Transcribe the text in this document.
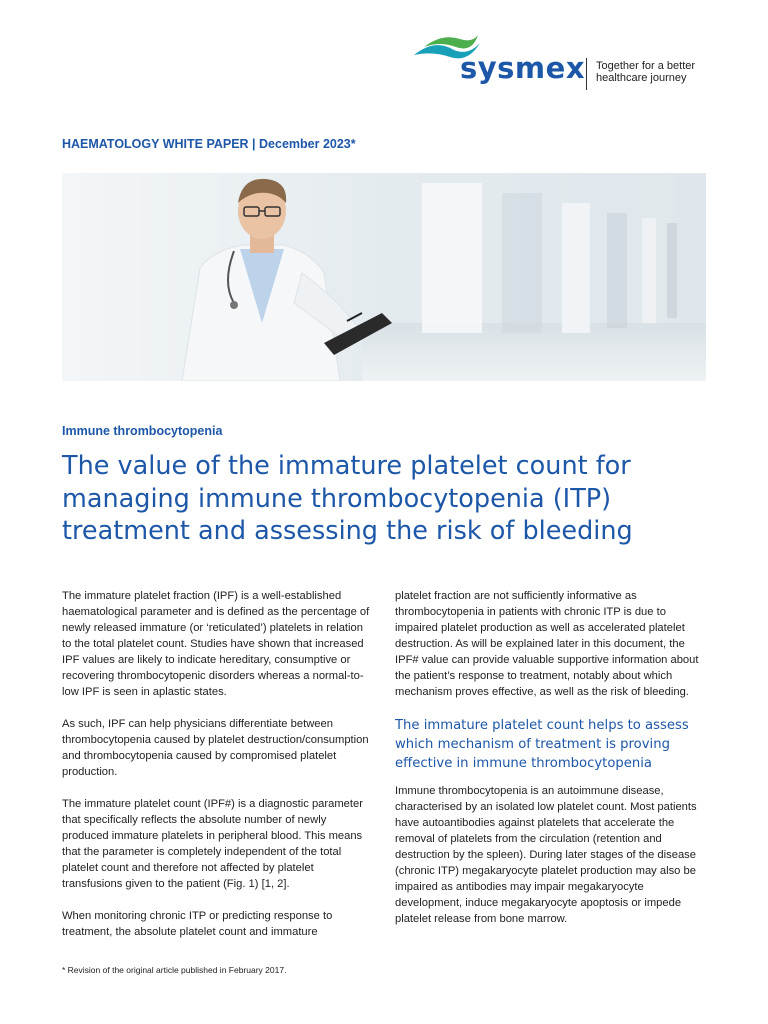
sysmex Together for a better
healthcare journey
HAEMATOLOGY WHITE PAPER | December 2023*
Immune thrombocytopenia
The value of the immature platelet count for
managing immune thrombocytopenia (ITP)
treatment and assessing the risk of bleeding

The immature platelet fraction (IPF) is a well-established haematological parameter and is defined as the percentage of newly released immature (or ‘reticulated’) platelets in relation to the total platelet count. Studies have shown that increased IPF values are likely to indicate hereditary, consumptive or recovering thrombocytopenic disorders whereas a normal-to-low IPF is seen in aplastic states.

As such, IPF can help physicians differentiate between thrombocytopenia caused by platelet destruction/consumption and thrombocytopenia caused by compromised platelet production.

The immature platelet count (IPF#) is a diagnostic parameter that specifically reflects the absolute number of newly produced immature platelets in peripheral blood. This means that the parameter is completely independent of the total platelet count and therefore not affected by platelet transfusions given to the patient (Fig. 1) [1, 2].

When monitoring chronic ITP or predicting response to treatment, the absolute platelet count and immature

platelet fraction are not sufficiently informative as thrombocytopenia in patients with chronic ITP is due to impaired platelet production as well as accelerated platelet destruction. As will be explained later in this document, the IPF# value can provide valuable supportive information about the patient’s response to treatment, notably about which mechanism proves effective, as well as the risk of bleeding.

The immature platelet count helps to assess which mechanism of treatment is proving effective in immune thrombocytopenia

Immune thrombocytopenia is an autoimmune disease, characterised by an isolated low platelet count. Most patients have autoantibodies against platelets that accelerate the removal of platelets from the circulation (retention and destruction by the spleen). During later stages of the disease (chronic ITP) megakaryocyte platelet production may also be impaired as antibodies may impair megakaryocyte development, induce megakaryocyte apoptosis or impede platelet release from bone marrow.

* Revision of the original article published in February 2017.
